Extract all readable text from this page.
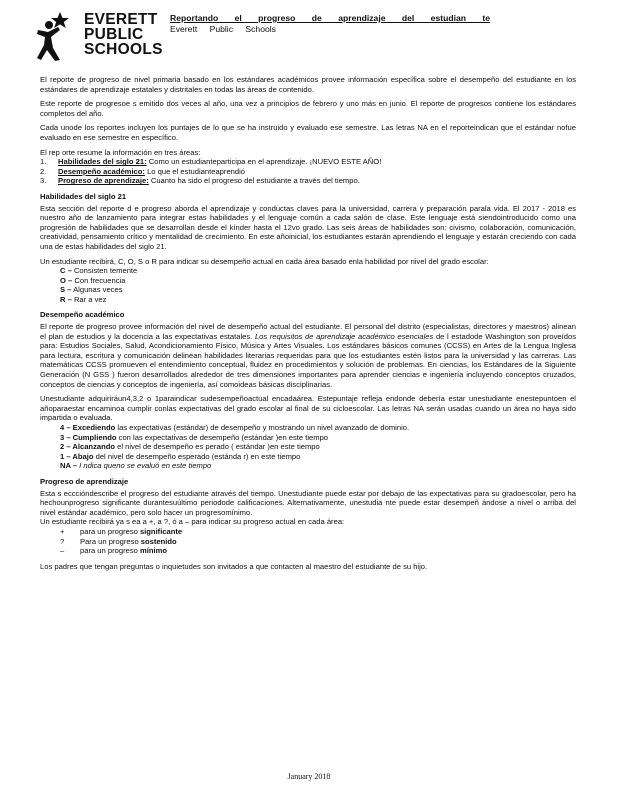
EVERETT
PUBLIC
SCHOOLS
Reportando el progreso de aprendizaje del estudian te
Everett Public Schools

El reporte de progreso de nivel primaria basado en los estándares académicos provee información específica sobre el desempeño del estudiante en los estándares de aprendizaje estatales y distritales en todas las áreas de contenido.

Este reporte de progresoe s emitido dos veces al año, una vez a principios de febrero y uno más en junio. El reporte de progresos contiene los estándares completos del año.

Cada unode los reportes incluyen los puntajes de lo que se ha instruido y evaluado ese semestre. Las letras NA en el reporteindican que el estándar nofue evaluado en ese semestre en específico.

El rep orte resume la información en tres áreas:
1. Habilidades del siglo 21: Como un estudianteparticipa en el aprendizaje. ¡NUEVO ESTE AÑO!
2. Desempeño académico: Lo que el estudianteaprendió
3. Progreso de aprendizaje: Cuanto ha sido el progreso del estudiante a través del tiempo.
Habilidades del siglo 21

Esta sección del reporte d e progreso aborda el aprendizaje y conductas claves para la universidad, carrera y preparación parala vida. El 2017 - 2018 es nuestro año de lanzamiento para integrar estas habilidades y el lenguaje común a cada salón de clase. Este lenguaje está siendointroducido como una progresión de habilidades que se desarrollan desde el kínder hasta el 12vo grado. Las seis áreas de habilidades son: civismo, colaboración, comunicación, creatividad, pensamiento crítico y mentalidad de crecimiento. En este añoinicial, los estudiantes estarán aprendiendo el lenguaje y estarán creciendo con cada una de estas habilidades del siglo 21.

Un estudiante recibirá, C, O, S o R para indicar su desempeño actual en cada área basado enla habilidad por nivel del grado escolar:
C – Consisten temente
O – Con frecuencia
S – Algunas veces
R – Rar a vez
Desempeño académico

El reporte de progreso provee información del nivel de desempeño actual del estudiante. El personal del distrito (especialistas, directores y maestros) alinean el plan de estudios y la docencia a las expectativas estatales. Los requisitos de aprendizaje académico esenciales de l estadode Washington son proveídos para: Estudios Sociales, Salud, Acondicionamiento Físico, Música y Artes Visuales. Los estándares básicos comunes (CCSS) en Artes de la Lengua Inglesa para lectura, escritura y comunicación delinean habilidades literarias requeridas para que los estudiantes estén listos para la universidad y las carreras. Las matemáticas CCSS promueven el entendimiento conceptual, fluidez en procedimientos y solución de problemas. En ciencias, los Estándares de la Siguiente Generación (N GSS ) fueron desarrollados alrededor de tres dimensiones importantes para aprender ciencias e ingeniería incluyendo conceptos cruzados, conceptos de ciencias y conceptos de ingeniería, así comoideas básicas disciplinarias.

Unestudiante adquiriráun4,3,2 o 1paraindicar sudesempeñoactual encadaárea. Estepuntaje refleja endonde debería estar unestudiante enestepuntoen el añoparaestar encaminoa cumplir conlas expectativas del grado escolar al final de su cicloescolar. Las letras NA serán usadas cuando un área no haya sido impartida o evaluada.
4 – Excediendo las expectativas (estándar) de desempeño y mostrando un nivel avanzado de dominio.
3 – Cumpliendo con las expectativas de desempeño (estándar )en este tiempo
2 – Alcanzando el nivel de desempeño es perado ( estándar )en este tiempo
1 – Abajo del nivel de desempeño esperado (estánda r) en este tiempo
NA – I ndica queno se evaluó en este tiempo
Progreso de aprendizaje
Esta s ecccióndescribe el progreso del estudiante através del tiempo. Unestudiante puede estar por debajo de las expectativas para su gradoescolar, pero ha hechounprogreso significante durantesuúltimo periodode calificaciones. Alternativamente, unestudia nte puede estar desempeñ ándose a nivel o arriba del nivel estándar académico, pero solo hacer un progresomínimo.
Un estudiante recibirá ya s ea a +, a ?, ó a – para indicar su progreso actual en cada área:
+ para un progreso significante
? Para un progreso sostenido
– para un progreso mínimo
Los padres que tengan preguntas o inquietudes son invitados a que contacten al maestro del estudiante de su hijo.
January 2018
